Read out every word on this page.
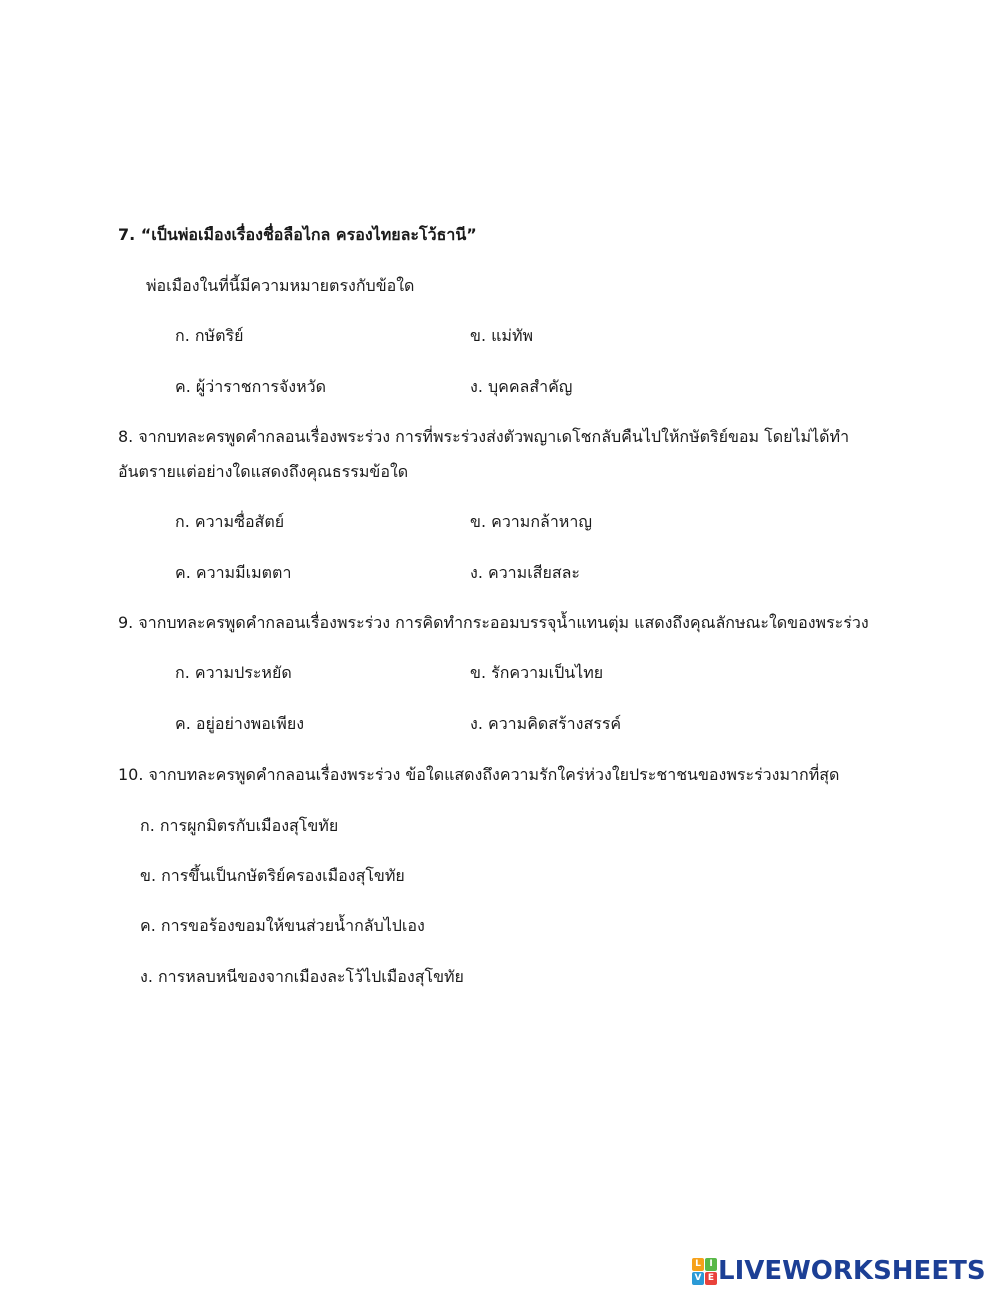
7. “เป็นพ่อเมืองเรื่องชื่อลือไกล ครองไทยละโว้ธานี”
พ่อเมืองในที่นี้มีความหมายตรงกับข้อใด
ก. กษัตริย์	ข. แม่ทัพ
ค. ผู้ว่าราชการจังหวัด	ง. บุคคลสำคัญ
8. จากบทละครพูดคำกลอนเรื่องพระร่วง การที่พระร่วงส่งตัวพญาเดโชกลับคืนไปให้กษัตริย์ขอม โดยไม่ได้ทำ
อันตรายแต่อย่างใดแสดงถึงคุณธรรมข้อใด
ก. ความซื่อสัตย์	ข. ความกล้าหาญ
ค. ความมีเมตตา	ง. ความเสียสละ
9. จากบทละครพูดคำกลอนเรื่องพระร่วง การคิดทำกระออมบรรจุน้ำแทนตุ่ม แสดงถึงคุณลักษณะใดของพระร่วง
ก. ความประหยัด	ข. รักความเป็นไทย
ค. อยู่อย่างพอเพียง	ง. ความคิดสร้างสรรค์
10. จากบทละครพูดคำกลอนเรื่องพระร่วง ข้อใดแสดงถึงความรักใคร่ห่วงใยประชาชนของพระร่วงมากที่สุด
ก. การผูกมิตรกับเมืองสุโขทัย
ข. การขึ้นเป็นกษัตริย์ครองเมืองสุโขทัย
ค. การขอร้องขอมให้ขนส่วยน้ำกลับไปเอง
ง. การหลบหนีของจากเมืองละโว้ไปเมืองสุโขทัย
L I
V E LIVEWORKSHEETS
